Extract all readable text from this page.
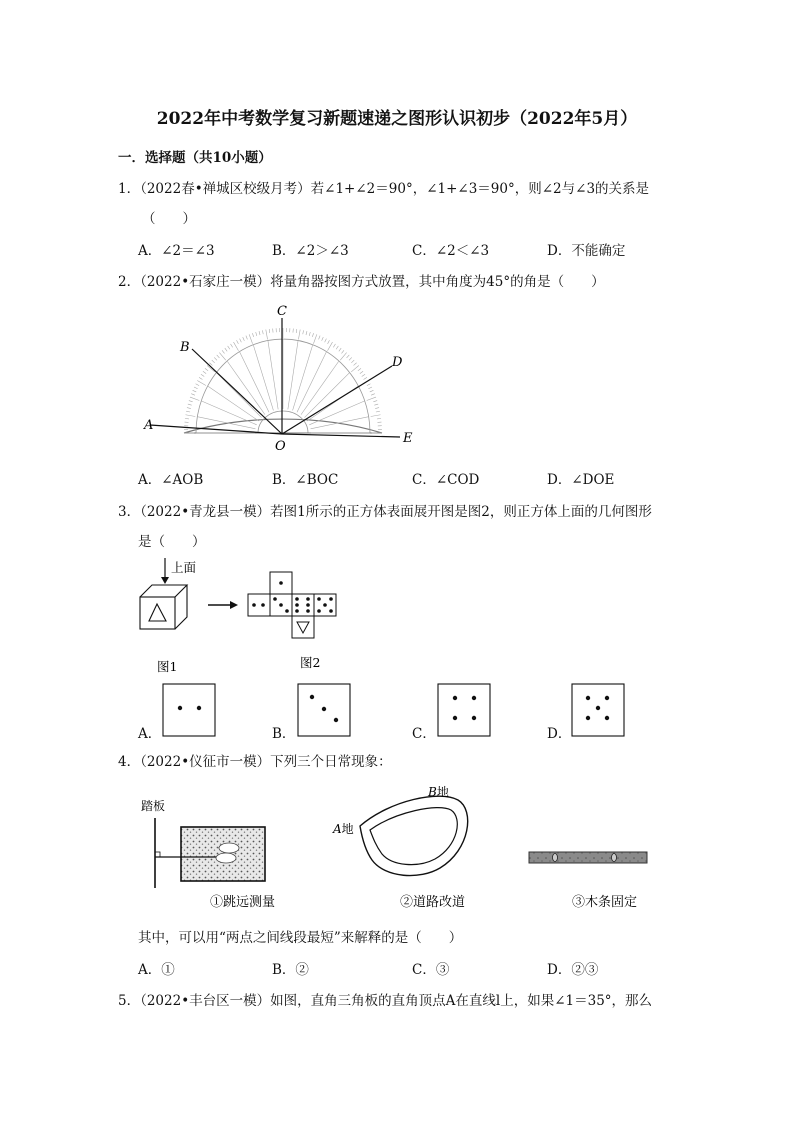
2022年中考数学复习新题速递之图形认识初步（2022年5月）
一．选择题（共10小题）
1．（2022春•禅城区校级月考）若∠1+∠2＝90°，∠1+∠3＝90°，则∠2与∠3的关系是
（　　）
A．∠2＝∠3	B．∠2＞∠3	C．∠2＜∠3	D．不能确定
2．（2022•石家庄一模）将量角器按图方式放置，其中角度为45°的角是（　　）
A
B
C
D
E
O
A．∠AOB	B．∠BOC	C．∠COD	D．∠DOE
3．（2022•青龙县一模）若图1所示的正方体表面展开图是图2，则正方体上面的几何图形
是（　　）
上面
图1	图2
A．	B．	C．	D．
4．（2022•仪征市一模）下列三个日常现象：
踏板
①跳远测量
A地
B地
②道路改道	③木条固定
其中，可以用“两点之间线段最短”来解释的是（　　）
A．①	B．②	C．③	D．②③
5．（2022•丰台区一模）如图，直角三角板的直角顶点A在直线l上，如果∠1＝35°，那么
